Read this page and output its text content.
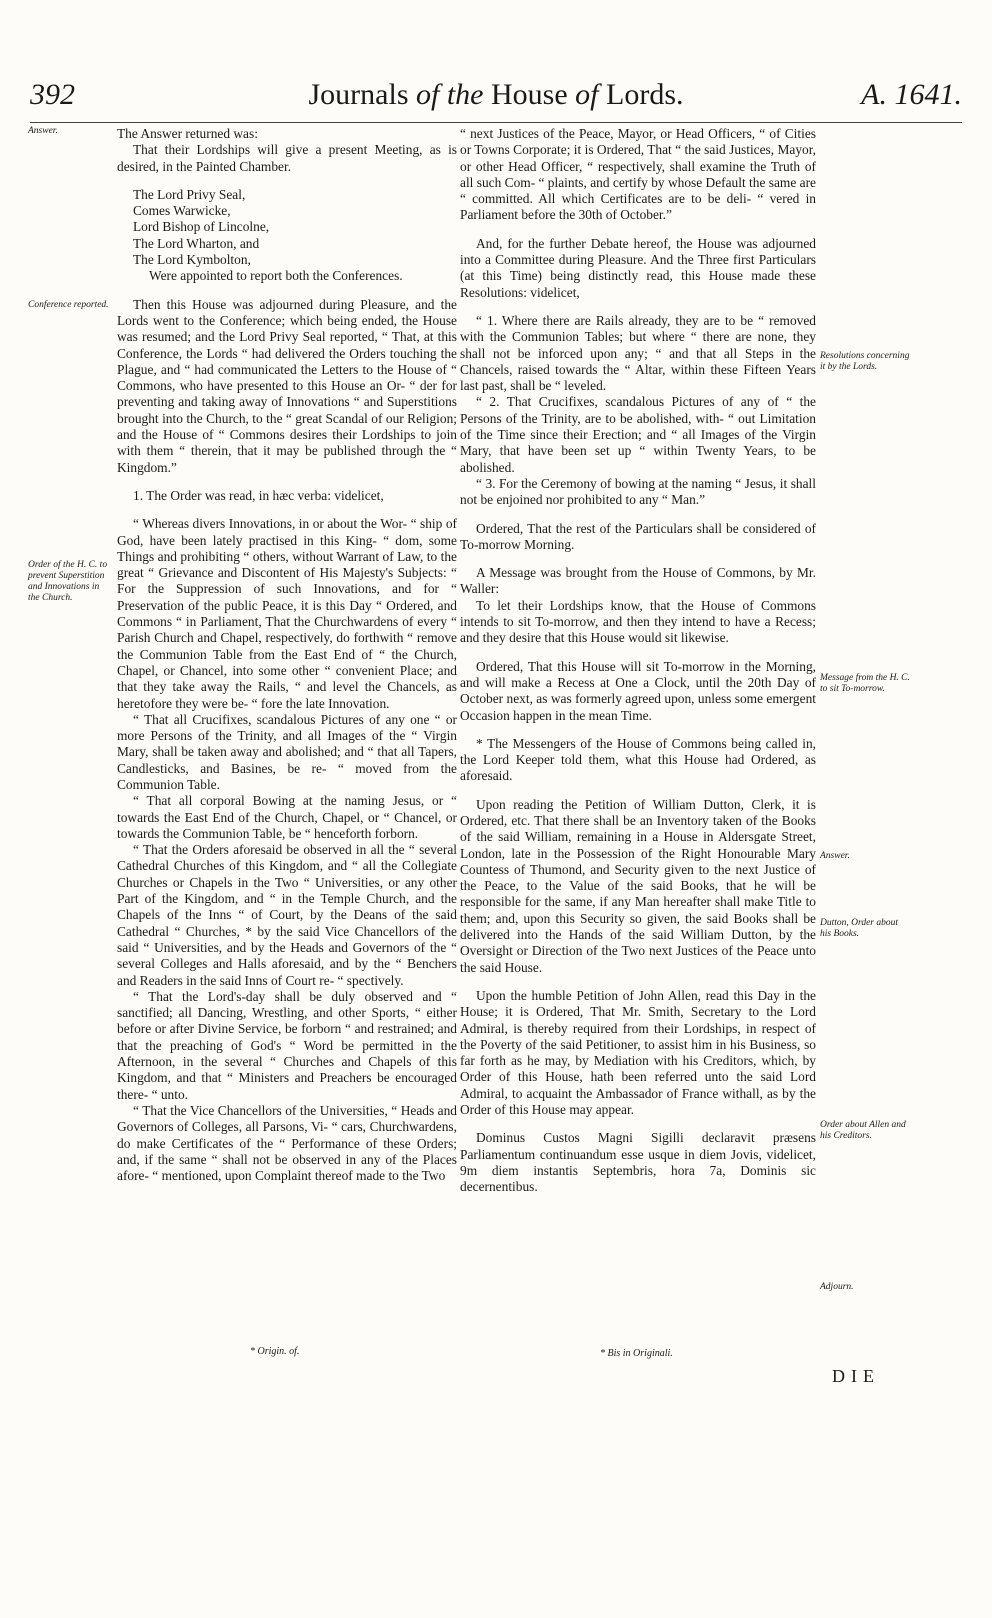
392	Journals of the House of Lords.	A. 1641.
Answer.
Conference reported.
Order of the H. C. to prevent Superstition and Innovations in the Church.
Resolutions concerning it by the Lords.
Message from the H. C. to sit To-morrow.
Answer.
Dutton, Order about his Books.
Order about Allen and his Creditors.
Adjourn.

The Answer returned was:

That their Lordships will give a present Meeting, as is desired, in the Painted Chamber.

The Lord Privy Seal,

Comes Warwicke,

Lord Bishop of Lincolne,

The Lord Wharton, and

The Lord Kymbolton,

Were appointed to report both the Conferences.

Then this House was adjourned during Pleasure, and the Lords went to the Conference; which being ended, the House was resumed; and the Lord Privy Seal reported, “ That, at this Conference, the Lords “ had delivered the Orders touching the Plague, and “ had communicated the Letters to the House of “ Commons, who have presented to this House an Or- “ der for preventing and taking away of Innovations “ and Superstitions brought into the Church, to the “ great Scandal of our Religion; and the House of “ Commons desires their Lordships to join with them “ therein, that it may be published through the “ Kingdom.”

1. The Order was read, in hæc verba: videlicet,

“ Whereas divers Innovations, in or about the Wor- “ ship of God, have been lately practised in this King- “ dom, some Things and prohibiting “ others, without Warrant of Law, to the great “ Grievance and Discontent of His Majesty's Subjects: “ For the Suppression of such Innovations, and for “ Preservation of the public Peace, it is this Day “ Ordered, and Commons “ in Parliament, That the Churchwardens of every “ Parish Church and Chapel, respectively, do forthwith “ remove the Communion Table from the East End of “ the Church, Chapel, or Chancel, into some other “ convenient Place; and that they take away the Rails, “ and level the Chancels, as heretofore they were be- “ fore the late Innovation.

“ That all Crucifixes, scandalous Pictures of any one “ or more Persons of the Trinity, and all Images of the “ Virgin Mary, shall be taken away and abolished; and “ that all Tapers, Candlesticks, and Basines, be re- “ moved from the Communion Table.

“ That all corporal Bowing at the naming Jesus, or “ towards the East End of the Church, Chapel, or “ Chancel, or towards the Communion Table, be “ henceforth forborn.

“ That the Orders aforesaid be observed in all the “ several Cathedral Churches of this Kingdom, and “ all the Collegiate Churches or Chapels in the Two “ Universities, or any other Part of the Kingdom, and “ in the Temple Church, and the Chapels of the Inns “ of Court, by the Deans of the said Cathedral “ Churches, * by the said Vice Chancellors of the said “ Universities, and by the Heads and Governors of the “ several Colleges and Halls aforesaid, and by the “ Benchers and Readers in the said Inns of Court re- “ spectively.

“ That the Lord's-day shall be duly observed and “ sanctified; all Dancing, Wrestling, and other Sports, “ either before or after Divine Service, be forborn “ and restrained; and that the preaching of God's “ Word be permitted in the Afternoon, in the several “ Churches and Chapels of this Kingdom, and that “ Ministers and Preachers be encouraged there- “ unto.

“ That the Vice Chancellors of the Universities, “ Heads and Governors of Colleges, all Parsons, Vi- “ cars, Churchwardens, do make Certificates of the “ Performance of these Orders; and, if the same “ shall not be observed in any of the Places afore- “ mentioned, upon Complaint thereof made to the Two

* Origin. of.

“ next Justices of the Peace, Mayor, or Head Officers, “ of Cities or Towns Corporate; it is Ordered, That “ the said Justices, Mayor, or other Head Officer, “ respectively, shall examine the Truth of all such Com- “ plaints, and certify by whose Default the same are “ committed. All which Certificates are to be deli- “ vered in Parliament before the 30th of October.”

And, for the further Debate hereof, the House was adjourned into a Committee during Pleasure. And the Three first Particulars (at this Time) being distinctly read, this House made these Resolutions: videlicet,

“ 1. Where there are Rails already, they are to be “ removed with the Communion Tables; but where “ there are none, they shall not be inforced upon any; “ and that all Steps in the Chancels, raised towards the “ Altar, within these Fifteen Years last past, shall be “ leveled.

“ 2. That Crucifixes, scandalous Pictures of any of “ the Persons of the Trinity, are to be abolished, with- “ out Limitation of the Time since their Erection; and “ all Images of the Virgin Mary, that have been set up “ within Twenty Years, to be abolished.

“ 3. For the Ceremony of bowing at the naming “ Jesus, it shall not be enjoined nor prohibited to any “ Man.”

Ordered, That the rest of the Particulars shall be considered of To-morrow Morning.

A Message was brought from the House of Commons, by Mr. Waller:

To let their Lordships know, that the House of Commons intends to sit To-morrow, and then they intend to have a Recess; and they desire that this House would sit likewise.

Ordered, That this House will sit To-morrow in the Morning, and will make a Recess at One a Clock, until the 20th Day of October next, as was formerly agreed upon, unless some emergent Occasion happen in the mean Time.

* The Messengers of the House of Commons being called in, the Lord Keeper told them, what this House had Ordered, as aforesaid.

Upon reading the Petition of William Dutton, Clerk, it is Ordered, etc. That there shall be an Inventory taken of the Books of the said William, remaining in a House in Aldersgate Street, London, late in the Possession of the Right Honourable Mary Countess of Thumond, and Security given to the next Justice of the Peace, to the Value of the said Books, that he will be responsible for the same, if any Man hereafter shall make Title to them; and, upon this Security so given, the said Books shall be delivered into the Hands of the said William Dutton, by the Oversight or Direction of the Two next Justices of the Peace unto the said House.

Upon the humble Petition of John Allen, read this Day in the House; it is Ordered, That Mr. Smith, Secretary to the Lord Admiral, is thereby required from their Lordships, in respect of the Poverty of the said Petitioner, to assist him in his Business, so far forth as he may, by Mediation with his Creditors, which, by Order of this House, hath been referred unto the said Lord Admiral, to acquaint the Ambassador of France withall, as by the Order of this House may appear.

Dominus Custos Magni Sigilli declaravit præsens Parliamentum continuandum esse usque in diem Jovis, videlicet, 9m diem instantis Septembris, hora 7a, Dominis sic decernentibus.

* Bis in Originali.
DIE
